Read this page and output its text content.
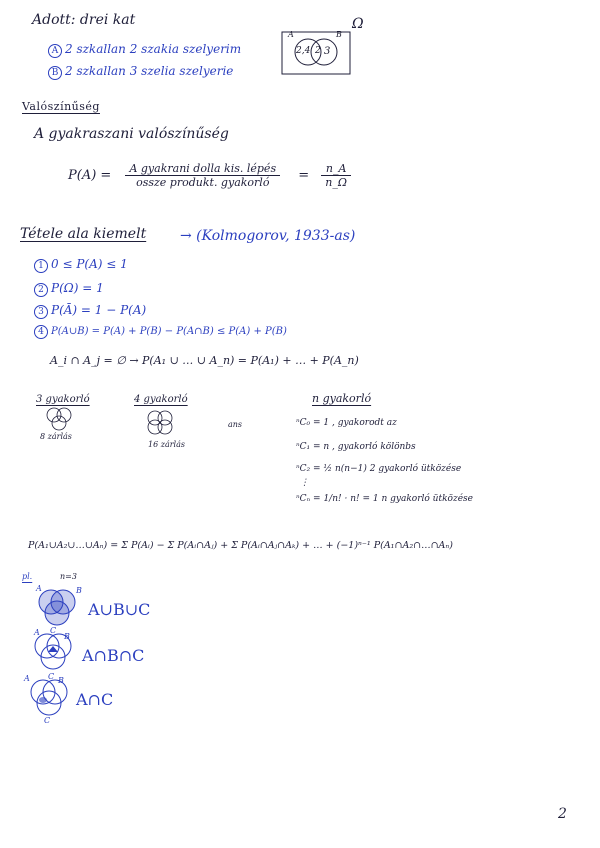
Adott: drei kat
A 2 szkallan 2 szakia szelyerim
B 2 szkallan 3 szelia szelyerie
2,4 2 3
A	B
Ω
Valószínűség
A gyakraszani valószínűség
$P(A) = \frac{\text{A gyakrani dolla kis. lépés}}{\text{ossze produkt. gyakorló}} = \frac{n\_A}{n\_\Omega}$
Tétele ala kiemelt → (Kolmogorov, 1933-as)
1 0 ≤ P(A) ≤ 1
2 P(Ω) = 1
3 P(Ā) = 1 − P(A)
4 P(A∪B) = P(A) + P(B) − P(A∩B) ≤ P(A) + P(B)
A_i ∩ A_j = ∅ → P(A₁ ∪ … ∪ A_n) = P(A₁) + … + P(A_n)
3 gyakorló
8 zárlás
4 gyakorló
16 zárlás
ans
n gyakorló
ⁿC₀ = 1 , gyakorodt az
ⁿC₁ = n , gyakorló kölönbs
ⁿC₂ = ½ n(n−1) 2 gyakorló ütközése
⋮
ⁿCₙ = 1/n! · n! = 1 n gyakorló ütközése
P(A₁∪A₂∪…∪Aₙ) = Σ P(Aᵢ) − Σ P(Aᵢ∩Aⱼ) + Σ P(Aᵢ∩Aⱼ∩Aₖ) + … + (−1)ⁿ⁻¹ P(A₁∩A₂∩…∩Aₙ)
pl.	n=3
A	B
C
A∪B∪C
A	B
C
A∩B∩C
A	B
C
A∩C
2
